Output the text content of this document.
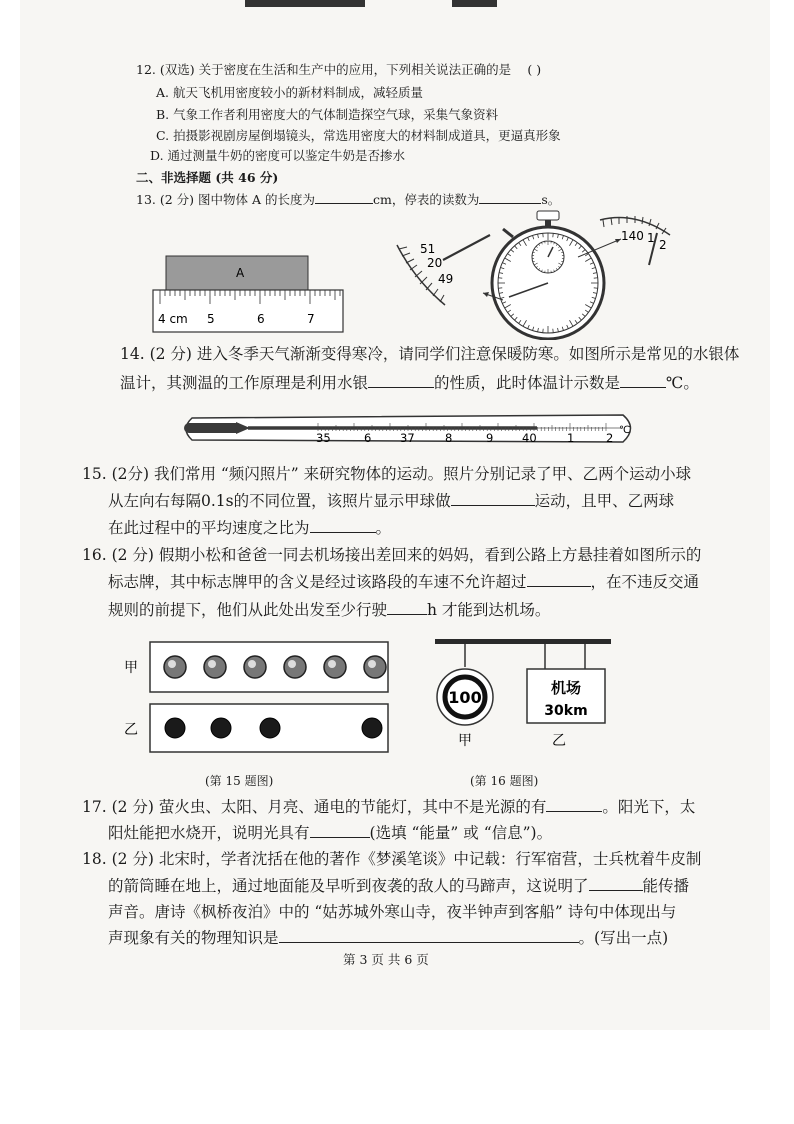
12. (双选) 关于密度在生活和生产中的应用，下列相关说法正确的是 ( )
A. 航天飞机用密度较小的新材料制成，减轻质量
B. 气象工作者利用密度大的气体制造探空气球，采集气象资料
C. 拍摄影视剧房屋倒塌镜头，常选用密度大的材料制成道具，更逼真形象
D. 通过测量牛奶的密度可以鉴定牛奶是否掺水
二、非选择题 (共 46 分)
13. (2 分) 图中物体 A 的长度为	cm，停表的读数为	s。
A
4 cm 5	6	7
51
20
49
140 1 2
14. (2 分) 进入冬季天气渐渐变得寒冷，请同学们注意保暖防寒。如图所示是常见的水银体
温计，其测温的工作原理是利用水银	的性质，此时体温计示数是	℃。
35	6 37	8	9 40	1	2
℃
15. (2分) 我们常用 “频闪照片” 来研究物体的运动。照片分别记录了甲、乙两个运动小球
从左向右每隔0.1s的不同位置，该照片显示甲球做	运动，且甲、乙两球
在此过程中的平均速度之比为	。
16. (2 分) 假期小松和爸爸一同去机场接出差回来的妈妈，看到公路上方悬挂着如图所示的
标志牌，其中标志牌甲的含义是经过该路段的车速不允许超过	，在不违反交通
规则的前提下，他们从此处出发至少行驶	h 才能到达机场。
甲
乙
(第 15 题图)
100
甲
机场
30km
乙
(第 16 题图)
17. (2 分) 萤火虫、太阳、月亮、通电的节能灯，其中不是光源的有	。阳光下，太
阳灶能把水烧开，说明光具有	(选填 “能量” 或 “信息”)。
18. (2 分) 北宋时，学者沈括在他的著作《梦溪笔谈》中记载：行军宿营，士兵枕着牛皮制
的箭筒睡在地上，通过地面能及早听到夜袭的敌人的马蹄声，这说明了	能传播
声音。唐诗《枫桥夜泊》中的 “姑苏城外寒山寺，夜半钟声到客船” 诗句中体现出与
声现象有关的物理知识是	。(写出一点)
第 3 页 共 6 页
